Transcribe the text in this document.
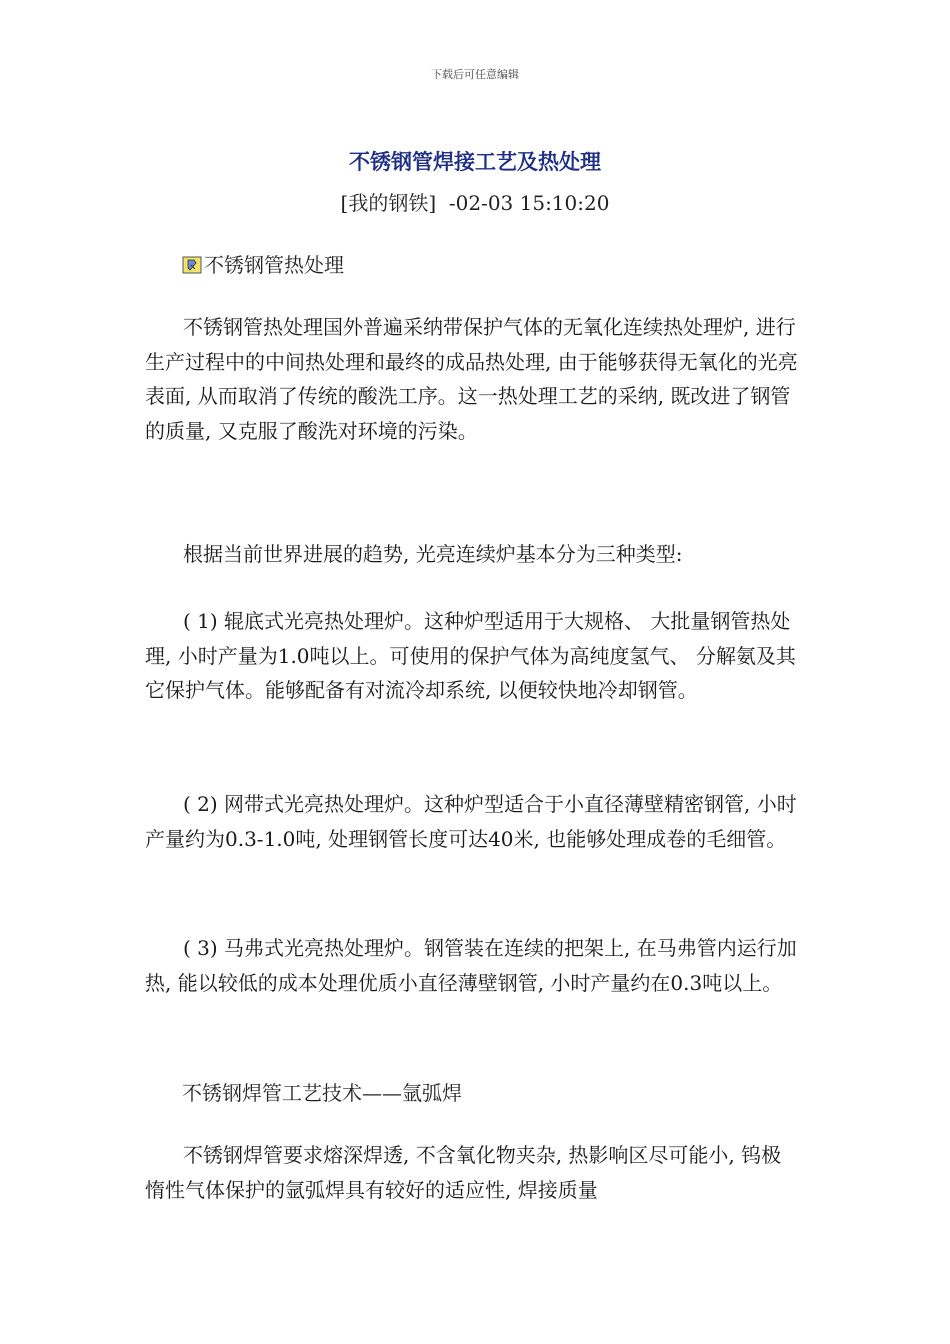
下载后可任意编辑
不锈钢管焊接工艺及热处理
[我的钢铁]  -02-03 15:10:20
不锈钢管热处理

不锈钢管热处理国外普遍采纳带保护气体的无氧化连续热处理炉, 进行生产过程中的中间热处理和最终的成品热处理, 由于能够获得无氧化的光亮表面, 从而取消了传统的酸洗工序。这一热处理工艺的采纳, 既改进了钢管的质量, 又克服了酸洗对环境的污染。

根据当前世界进展的趋势, 光亮连续炉基本分为三种类型:

( 1) 辊底式光亮热处理炉。这种炉型适用于大规格、 大批量钢管热处理, 小时产量为1.0吨以上。可使用的保护气体为高纯度氢气、 分解氨及其它保护气体。能够配备有对流冷却系统, 以便较快地冷却钢管。

( 2) 网带式光亮热处理炉。这种炉型适合于小直径薄壁精密钢管, 小时产量约为0.3-1.0吨, 处理钢管长度可达40米, 也能够处理成卷的毛细管。

( 3) 马弗式光亮热处理炉。钢管装在连续的把架上, 在马弗管内运行加热, 能以较低的成本处理优质小直径薄壁钢管, 小时产量约在0.3吨以上。

不锈钢焊管工艺技术——氩弧焊

不锈钢焊管要求熔深焊透, 不含氧化物夹杂, 热影响区尽可能小, 钨极惰性气体保护的氩弧焊具有较好的适应性, 焊接质量
